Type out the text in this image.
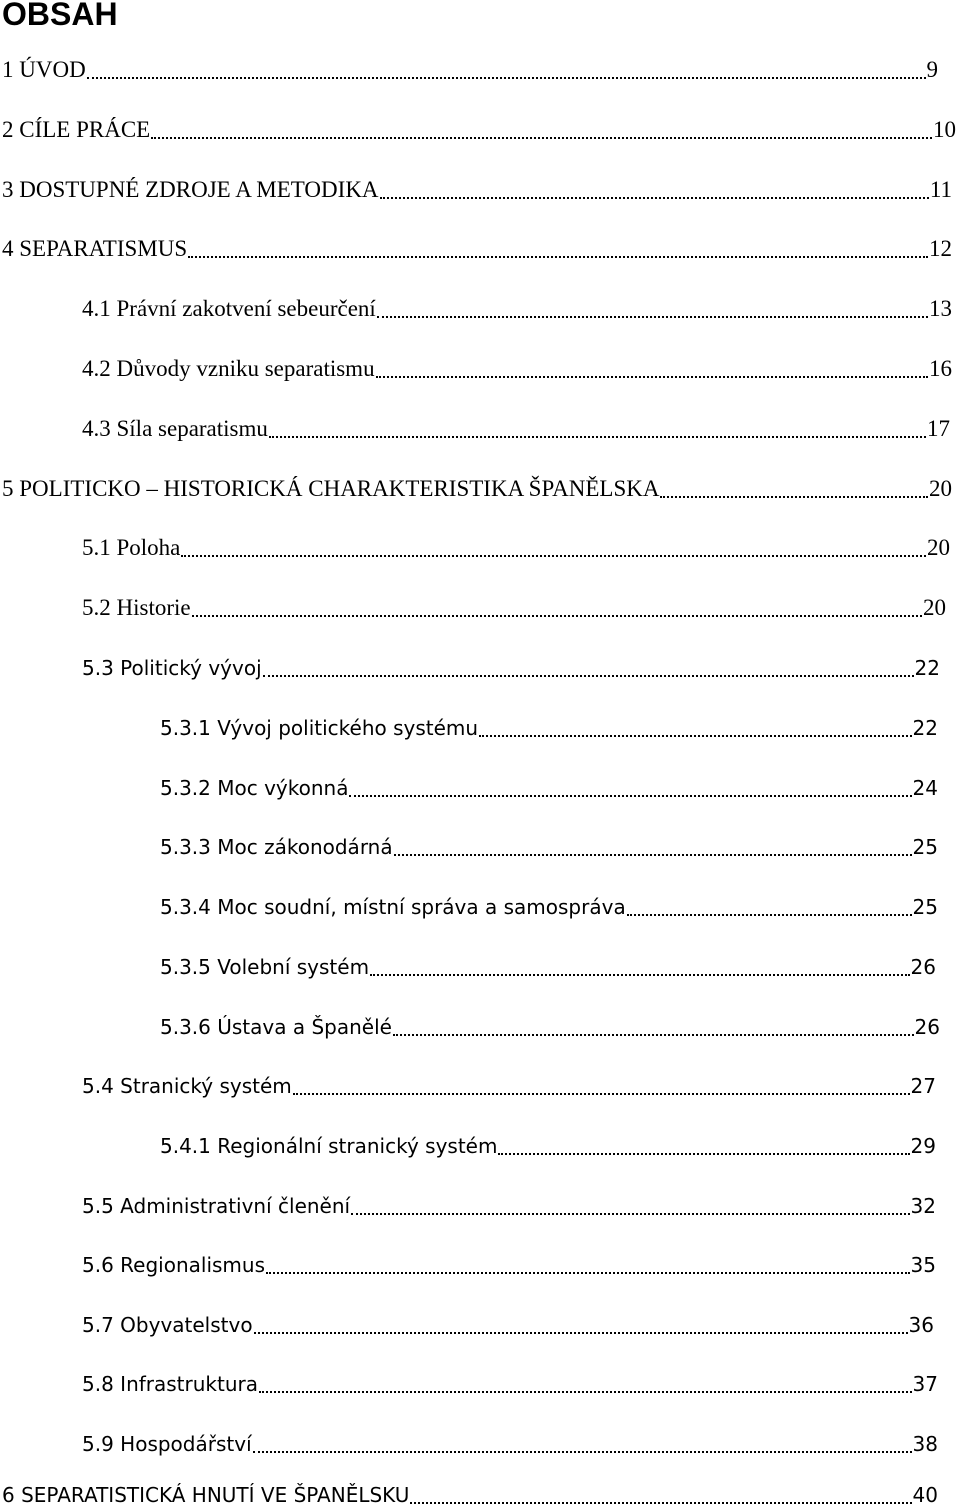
OBSAH
1 ÚVOD	9
2 CÍLE PRÁCE	10
3 DOSTUPNÉ ZDROJE A METODIKA	11
4 SEPARATISMUS	12
4.1 Právní zakotvení sebeurčení	13
4.2 Důvody vzniku separatismu	16
4.3 Síla separatismu	17
5 POLITICKO – HISTORICKÁ CHARAKTERISTIKA ŠPANĚLSKA	20
5.1 Poloha	20
5.2 Historie	20
5.3 Politický vývoj	22
5.3.1 Vývoj politického systému	22
5.3.2 Moc výkonná	24
5.3.3 Moc zákonodárná	25
5.3.4 Moc soudní, místní správa a samospráva	25
5.3.5 Volební systém	26
5.3.6 Ústava a Španělé	26
5.4 Stranický systém	27
5.4.1 Regionální stranický systém	29
5.5 Administrativní členění	32
5.6 Regionalismus	35
5.7 Obyvatelstvo	36
5.8 Infrastruktura	37
5.9 Hospodářství	38
6 SEPARATISTICKÁ HNUTÍ VE ŠPANĚLSKU	40
